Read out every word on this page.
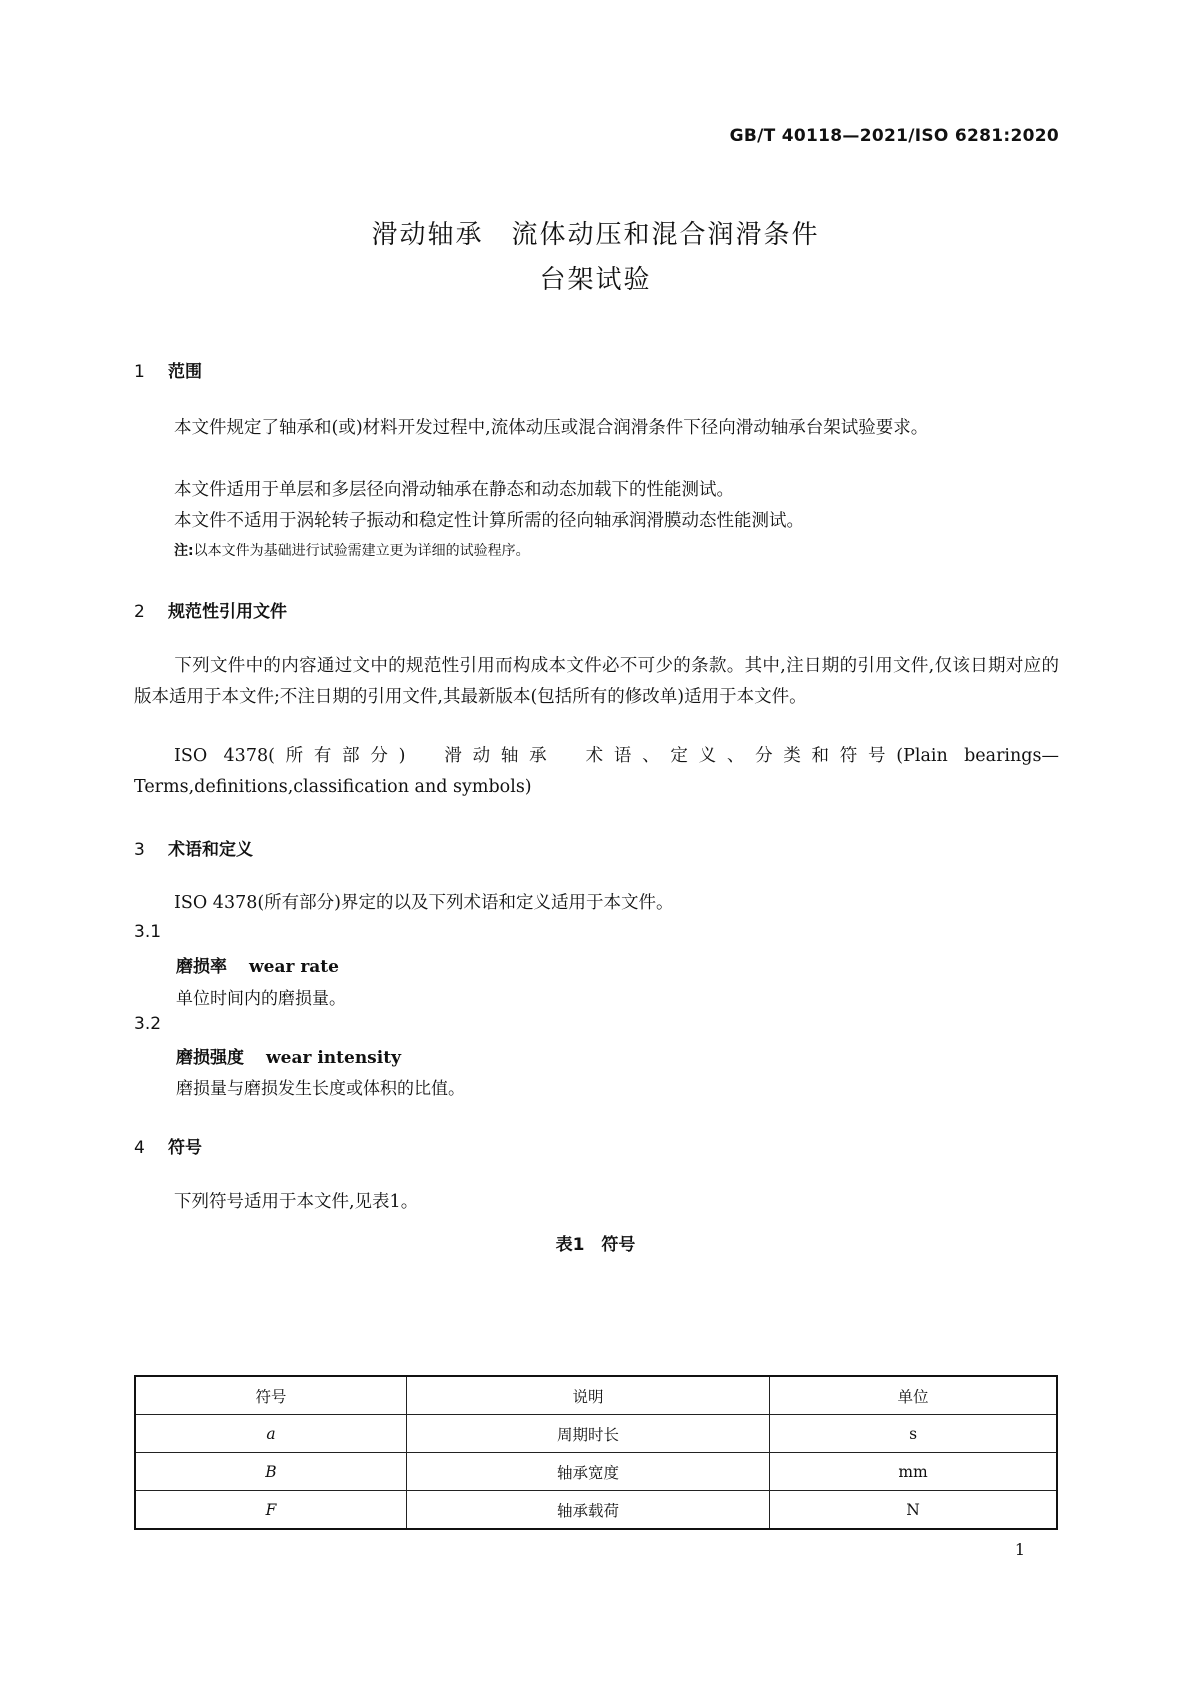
GB/T 40118—2021/ISO 6281:2020
滑动轴承　流体动压和混合润滑条件
台架试验
1 范围
本文件规定了轴承和(或)材料开发过程中,流体动压或混合润滑条件下径向滑动轴承台架试验要求。
本文件适用于单层和多层径向滑动轴承在静态和动态加载下的性能测试。
本文件不适用于涡轮转子振动和稳定性计算所需的径向轴承润滑膜动态性能测试。
注:以本文件为基础进行试验需建立更为详细的试验程序。
2 规范性引用文件
下列文件中的内容通过文中的规范性引用而构成本文件必不可少的条款。其中,注日期的引用文件,仅该日期对应的版本适用于本文件;不注日期的引用文件,其最新版本(包括所有的修改单)适用于本文件。
ISO 4378(所有部分)　滑动轴承　术语、定义、分类和符号(Plain bearings—Terms,definitions,classification and symbols)
3 术语和定义
ISO 4378(所有部分)界定的以及下列术语和定义适用于本文件。
3.1
磨损率 wear rate
单位时间内的磨损量。
3.2
磨损强度 wear intensity
磨损量与磨损发生长度或体积的比值。
4 符号
下列符号适用于本文件,见表1。
表1　符号
符号	说明	单位
a	周期时长	s
B	轴承宽度	mm
F	轴承载荷	N
1
